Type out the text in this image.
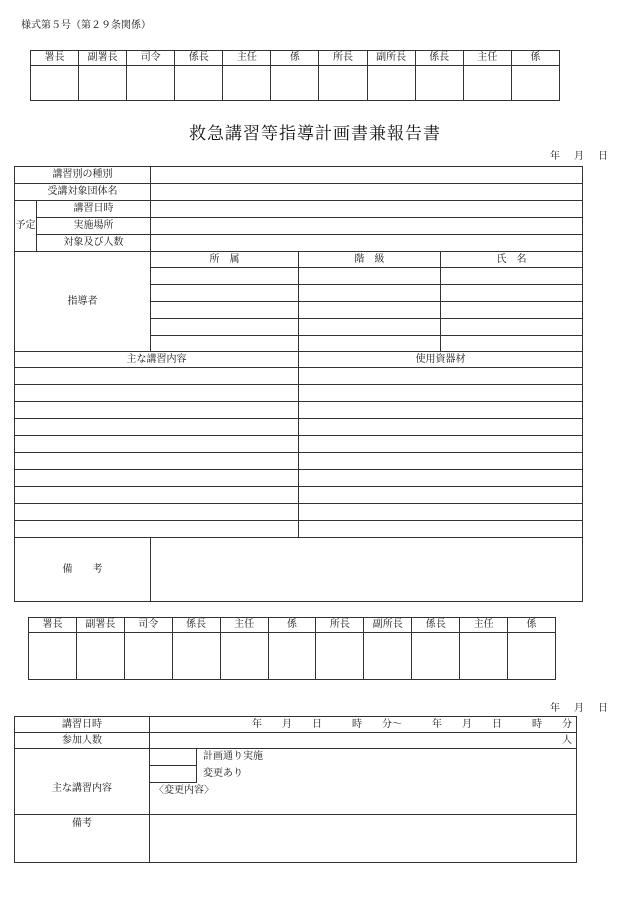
様式第５号（第２９条関係）
署長	副署長	司令	係長	主任	係	所長	副所長	係長	主任	係

救急講習等指導計画書兼報告書
年　月　日
講習別の種別				
受講対象団体名				
予定	講習日時			
	実施場所			
	対象及び人数			
指導者		所　属	階　級	氏　名

主な講習内容			使用資器材	

備　　考				
署長	副署長	司令	係長	主任	係	所長	副所長	係長	主任	係

年　月　日
講習日時	年　　月　　日　　　時　　分～　　　年　　月　　日　　　時　　分
参加人数	人
主な講習内容	計画通り実施
変更あり
〈変更内容〉

備考	
